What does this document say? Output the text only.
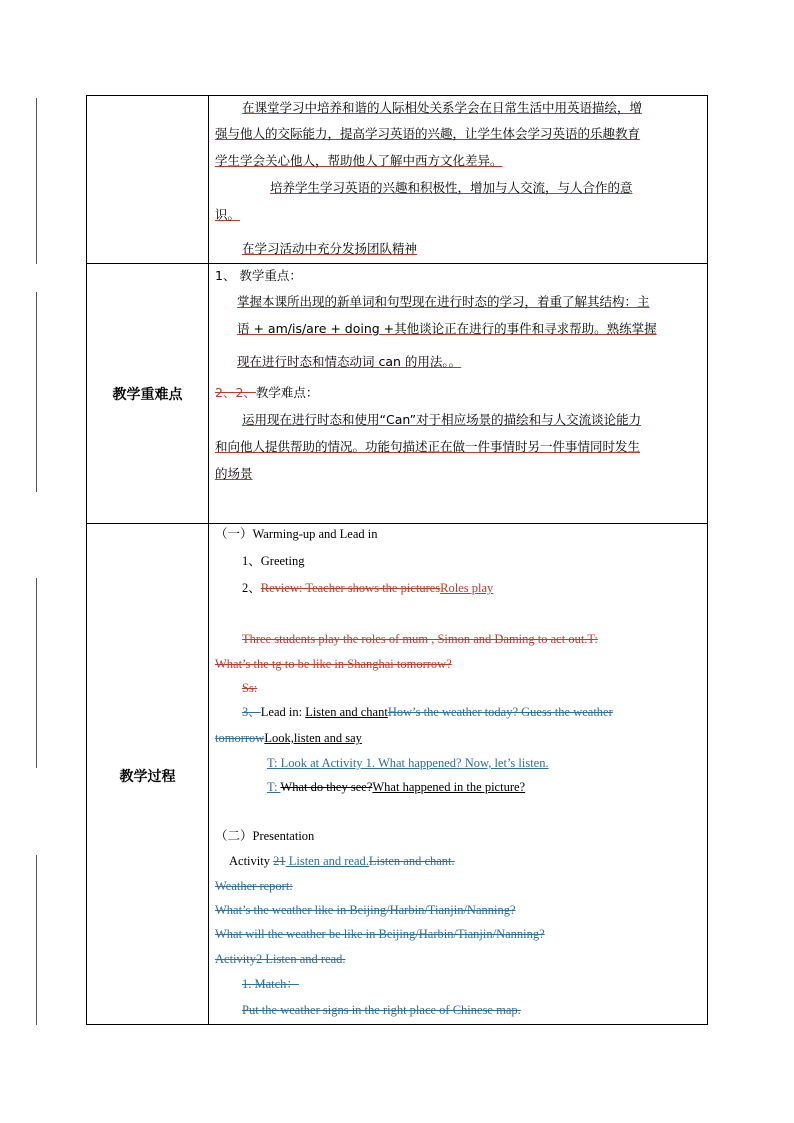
在课堂学习中培养和谐的人际相处关系学会在日常生活中用英语描绘，增
强与他人的交际能力，提高学习英语的兴趣，让学生体会学习英语的乐趣教育
学生学会关心他人，帮助他人了解中西方文化差异。
培养学生学习英语的兴趣和积极性，增加与人交流，与人合作的意
识。
在学习活动中充分发扬团队精神
教学重难点
1、 教学重点：
掌握本课所出现的新单词和句型现在进行时态的学习，着重了解其结构：主
语 + am/is/are + doing +其他谈论正在进行的事件和寻求帮助。熟练掌握
现在进行时态和情态动词 can 的用法。。
2、2、教学难点：
运用现在进行时态和使用“Can”对于相应场景的描绘和与人交流谈论能力
和向他人提供帮助的情况。功能句描述正在做一件事情时另一件事情同时发生
的场景
教学过程
（一）Warming-up and Lead in
1、Greeting
2、Review: Teacher shows the picturesRoles play
Three students play the roles of mum , Simon and Daming to act out.T:
What’s the tg to be like in Shanghai tomorrow?
Ss:
3、Lead in: Listen and chantHow’s the weather today? Guess the weather
tomorrowLook,listen and say
T: Look at Activity 1. What happened? Now, let’s listen.
T: What do they see?What happened in the picture?
（二）Presentation
Activity 21 Listen and read.Listen and chant.
Weather report:
What’s the weather like in Beijing/Harbin/Tianjin/Nanning?
What will the weather be like in Beijing/Harbin/Tianjin/Nanning?
Activity2 Listen and read.
1. Match：
Put the weather signs in the right place of Chinese map.
